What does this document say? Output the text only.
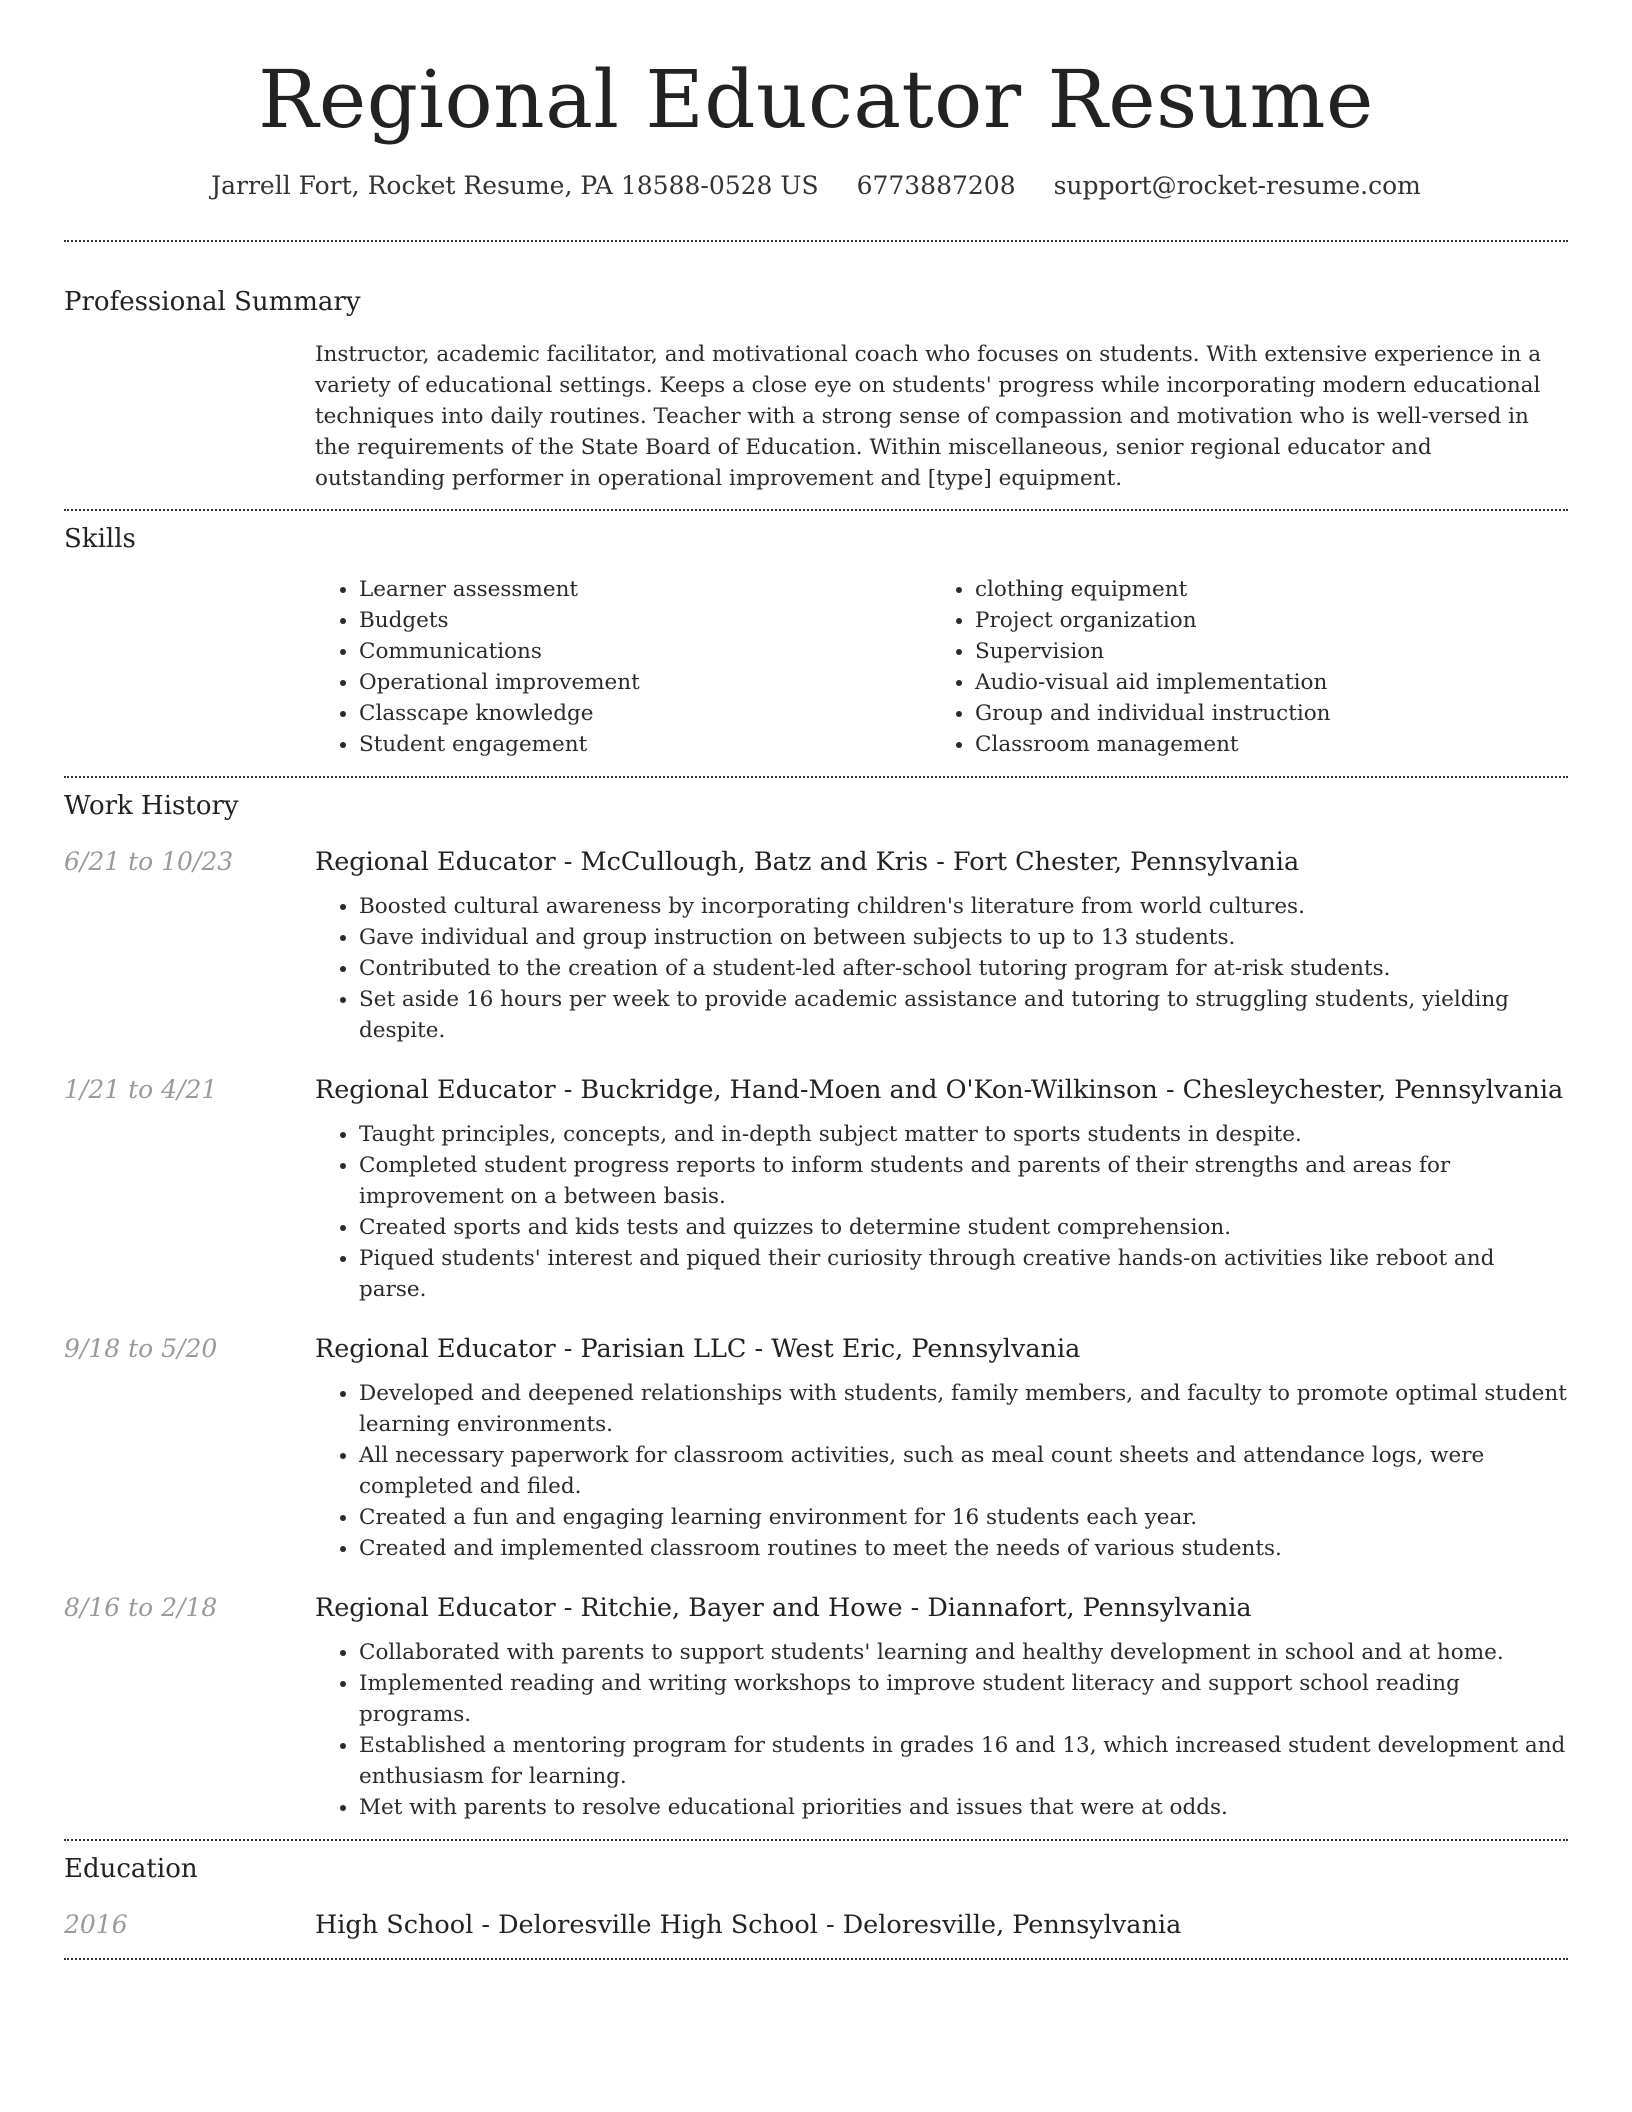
Regional Educator Resume
Jarrell Fort, Rocket Resume, PA 18588-0528 US 6773887208 support@rocket-resume.com
Professional Summary

Instructor, academic facilitator, and motivational coach who focuses on students. With extensive experience in a variety of educational settings. Keeps a close eye on students' progress while incorporating modern educational techniques into daily routines. Teacher with a strong sense of compassion and motivation who is well-versed in the requirements of the State Board of Education. Within miscellaneous, senior regional educator and outstanding performer in operational improvement and [type] equipment.

Skills
• Learner assessment
• Budgets
• Communications
• Operational improvement
• Classcape knowledge
• Student engagement
• clothing equipment
• Project organization
• Supervision
• Audio-visual aid implementation
• Group and individual instruction
• Classroom management
Work History
6/21 to 10/23	Regional Educator - McCullough, Batz and Kris - Fort Chester, Pennsylvania
• Boosted cultural awareness by incorporating children's literature from world cultures.
• Gave individual and group instruction on between subjects to up to 13 students.
• Contributed to the creation of a student-led after-school tutoring program for at-risk students.
• Set aside 16 hours per week to provide academic assistance and tutoring to struggling students, yielding despite.
1/21 to 4/21	Regional Educator - Buckridge, Hand-Moen and O'Kon-Wilkinson - Chesleychester, Pennsylvania
• Taught principles, concepts, and in-depth subject matter to sports students in despite.
• Completed student progress reports to inform students and parents of their strengths and areas for improvement on a between basis.
• Created sports and kids tests and quizzes to determine student comprehension.
• Piqued students' interest and piqued their curiosity through creative hands-on activities like reboot and parse.
9/18 to 5/20	Regional Educator - Parisian LLC - West Eric, Pennsylvania
• Developed and deepened relationships with students, family members, and faculty to promote optimal student learning environments.
• All necessary paperwork for classroom activities, such as meal count sheets and attendance logs, were completed and filed.
• Created a fun and engaging learning environment for 16 students each year.
• Created and implemented classroom routines to meet the needs of various students.
8/16 to 2/18	Regional Educator - Ritchie, Bayer and Howe - Diannafort, Pennsylvania
• Collaborated with parents to support students' learning and healthy development in school and at home.
• Implemented reading and writing workshops to improve student literacy and support school reading programs.
• Established a mentoring program for students in grades 16 and 13, which increased student development and enthusiasm for learning.
• Met with parents to resolve educational priorities and issues that were at odds.
Education
2016	High School - Deloresville High School - Deloresville, Pennsylvania
